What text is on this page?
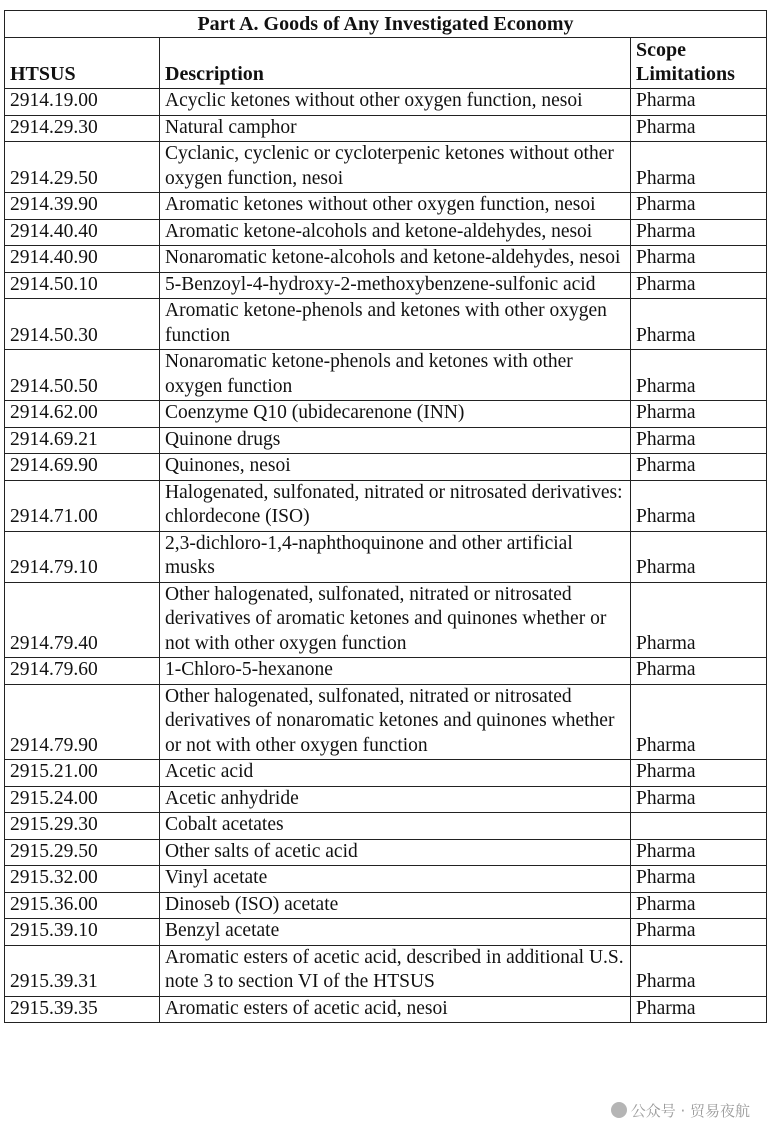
Part A. Goods of Any Investigated Economy		
HTSUS	Description	Scope
Limitations

2914.19.00	Acyclic ketones without other oxygen function, nesoi	Pharma
2914.29.30	Natural camphor	Pharma
2914.29.50	Cyclanic, cyclenic or cycloterpenic ketones without other oxygen function, nesoi	Pharma
2914.39.90	Aromatic ketones without other oxygen function, nesoi	Pharma
2914.40.40	Aromatic ketone-alcohols and ketone-aldehydes, nesoi	Pharma
2914.40.90	Nonaromatic ketone-alcohols and ketone-aldehydes, nesoi	Pharma
2914.50.10	5-Benzoyl-4-hydroxy-2-methoxybenzene-sulfonic acid	Pharma
2914.50.30	Aromatic ketone-phenols and ketones with other oxygen function	Pharma
2914.50.50	Nonaromatic ketone-phenols and ketones with other oxygen function	Pharma
2914.62.00	Coenzyme Q10 (ubidecarenone (INN)	Pharma
2914.69.21	Quinone drugs	Pharma
2914.69.90	Quinones, nesoi	Pharma
2914.71.00	Halogenated, sulfonated, nitrated or nitrosated derivatives: chlordecone (ISO)	Pharma
2914.79.10	2,3-dichloro-1,4-naphthoquinone and other artificial musks	Pharma
2914.79.40	Other halogenated, sulfonated, nitrated or nitrosated derivatives of aromatic ketones and quinones whether or not with other oxygen function	Pharma
2914.79.60	1-Chloro-5-hexanone	Pharma
2914.79.90	Other halogenated, sulfonated, nitrated or nitrosated derivatives of nonaromatic ketones and quinones whether or not with other oxygen function	Pharma
2915.21.00	Acetic acid	Pharma
2915.24.00	Acetic anhydride	Pharma
2915.29.30	Cobalt acetates	
2915.29.50	Other salts of acetic acid	Pharma
2915.32.00	Vinyl acetate	Pharma
2915.36.00	Dinoseb (ISO) acetate	Pharma
2915.39.10	Benzyl acetate	Pharma
2915.39.31	Aromatic esters of acetic acid, described in additional U.S. note 3 to section VI of the HTSUS	Pharma
2915.39.35	Aromatic esters of acetic acid, nesoi	Pharma
公众号 · 贸易夜航
